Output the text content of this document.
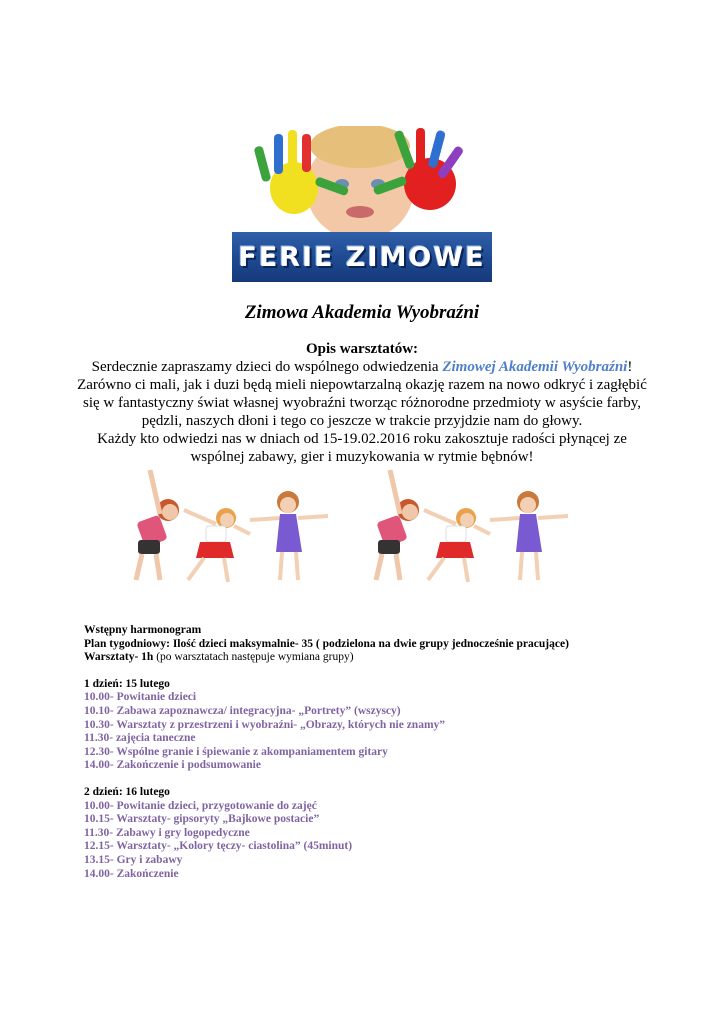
FERIE ZIMOWE
Zimowa Akademia Wyobraźni

Opis warsztatów:

Serdecznie zapraszamy dzieci do wspólnego odwiedzenia Zimowej Akademii Wyobraźni!

Zarówno ci mali, jak i duzi będą mieli niepowtarzalną okazję razem na nowo odkryć i zagłębić się w fantastyczny świat własnej wyobraźni tworząc różnorodne przedmioty w asyście farby, pędzli, naszych dłoni i tego co jeszcze w trakcie przyjdzie nam do głowy.

Każdy kto odwiedzi nas w dniach od 15-19.02.2016 roku zakosztuje radości płynącej ze wspólnej zabawy, gier i muzykowania w rytmie bębnów!

Wstępny harmonogram

Plan tygodniowy: Ilość dzieci maksymalnie- 35 ( podzielona na dwie grupy jednocześnie pracujące)

Warsztaty- 1h (po warsztatach następuje wymiana grupy)

1 dzień: 15 lutego

10.00- Powitanie dzieci

10.10- Zabawa zapoznawcza/ integracyjna- „Portrety” (wszyscy)

10.30- Warsztaty z przestrzeni i wyobraźni- „Obrazy, których nie znamy”

11.30- zajęcia taneczne

12.30- Wspólne granie i śpiewanie z akompaniamentem gitary

14.00- Zakończenie i podsumowanie

2 dzień: 16 lutego

10.00- Powitanie dzieci, przygotowanie do zajęć

10.15- Warsztaty- gipsoryty „Bajkowe postacie”

11.30- Zabawy i gry logopedyczne

12.15- Warsztaty- „Kolory tęczy- ciastolina” (45minut)

13.15- Gry i zabawy

14.00- Zakończenie
